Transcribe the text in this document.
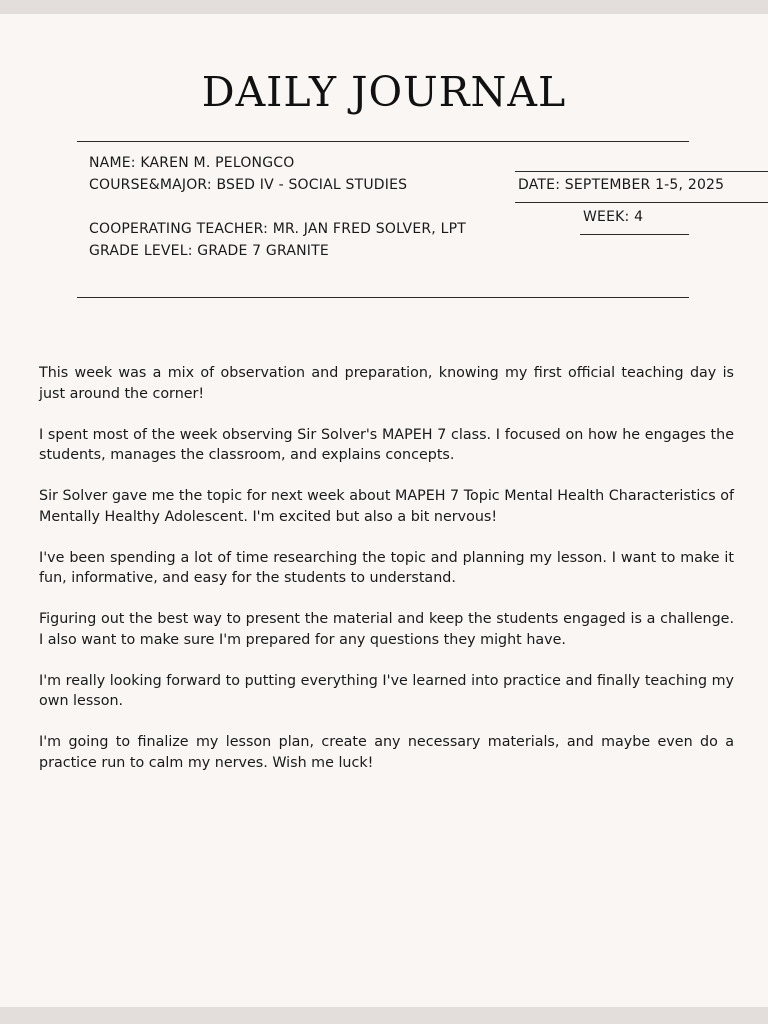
DAILY JOURNAL
NAME: KAREN M. PELONGCO
COURSE&MAJOR: BSED IV - SOCIAL STUDIES
COOPERATING TEACHER: MR. JAN FRED SOLVER, LPT
GRADE LEVEL: GRADE 7 GRANITE
DATE: SEPTEMBER 1-5, 2025
WEEK: 4

This week was a mix of observation and preparation, knowing my first official teaching day is just around the corner!

I spent most of the week observing Sir Solver's MAPEH 7 class. I focused on how he engages the students, manages the classroom, and explains concepts.

Sir Solver gave me the topic for next week about MAPEH 7 Topic Mental Health Characteristics of Mentally Healthy Adolescent. I'm excited but also a bit nervous!

I've been spending a lot of time researching the topic and planning my lesson. I want to make it fun, informative, and easy for the students to understand.

Figuring out the best way to present the material and keep the students engaged is a challenge. I also want to make sure I'm prepared for any questions they might have.

I'm really looking forward to putting everything I've learned into practice and finally teaching my own lesson.

I'm going to finalize my lesson plan, create any necessary materials, and maybe even do a practice run to calm my nerves. Wish me luck!
